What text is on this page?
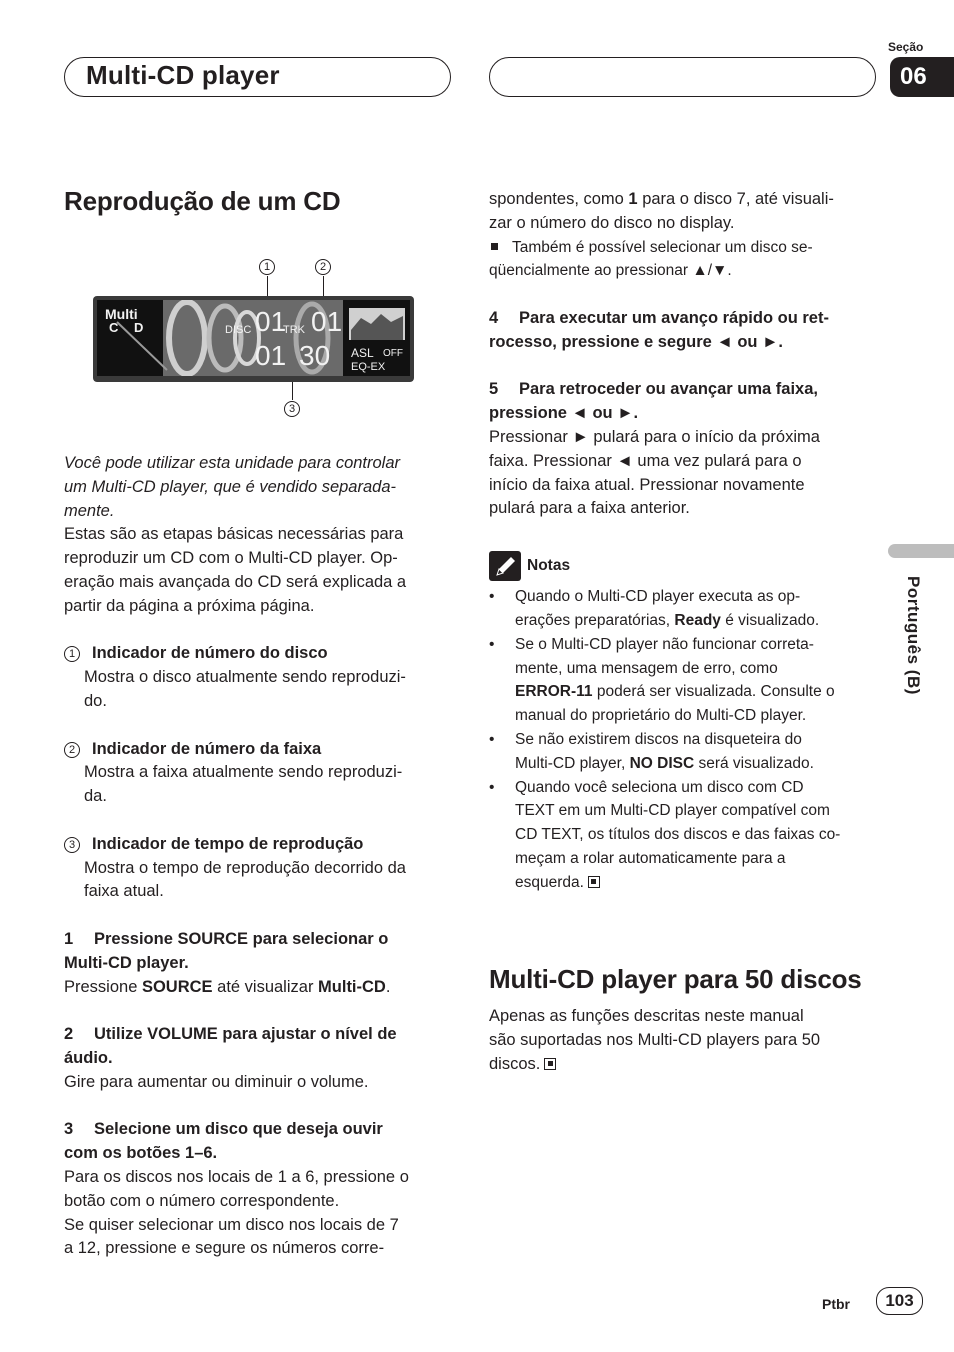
Multi-CD player
Seção
06
Português (B)
Reprodução de um CD
1	2
3
Multi
C D	DISC 01
TRK 01
01 30 ASL OFF
EQ-EX

Você pode utilizar esta unidade para controlar

um Multi-CD player, que é vendido separada-

mente.

Estas são as etapas básicas necessárias para

reproduzir um CD com o Multi-CD player. Op-

eração mais avançada do CD será explicada a

partir da página a próxima página.

1 Indicador de número do disco

Mostra o disco atualmente sendo reproduzi-

do.

2 Indicador de número da faixa

Mostra a faixa atualmente sendo reproduzi-

da.

3 Indicador de tempo de reprodução

Mostra o tempo de reprodução decorrido da

faixa atual.

1 Pressione SOURCE para selecionar o

Multi-CD player.

Pressione SOURCE até visualizar Multi-CD.

2 Utilize VOLUME para ajustar o nível de

áudio.

Gire para aumentar ou diminuir o volume.

3 Selecione um disco que deseja ouvir

com os botões 1–6.

Para os discos nos locais de 1 a 6, pressione o

botão com o número correspondente.

Se quiser selecionar um disco nos locais de 7

a 12, pressione e segure os números corre-

spondentes, como 1 para o disco 7, até visuali-

zar o número do disco no display.

Também é possível selecionar um disco se-

qüencialmente ao pressionar ▲/▼.

4 Para executar um avanço rápido ou ret-

rocesso, pressione e segure ◄ ou ►.

5 Para retroceder ou avançar uma faixa,

pressione ◄ ou ►.

Pressionar ► pulará para o início da próxima

faixa. Pressionar ◄ uma vez pulará para o

início da faixa atual. Pressionar novamente

pulará para a faixa anterior.

Notas

• Quando o Multi-CD player executa as op-
erações preparatórias, Ready é visualizado.
• Se o Multi-CD player não funcionar correta-
mente, uma mensagem de erro, como
ERROR-11 poderá ser visualizada. Consulte o
manual do proprietário do Multi-CD player.
• Se não existirem discos na disqueteira do
Multi-CD player, NO DISC será visualizado.
• Quando você seleciona um disco com CD
TEXT em um Multi-CD player compatível com
CD TEXT, os títulos dos discos e das faixas co-
meçam a rolar automaticamente para a
esquerda.
Multi-CD player para 50 discos

Apenas as funções descritas neste manual

são suportadas nos Multi-CD players para 50

discos.

Ptbr	103
